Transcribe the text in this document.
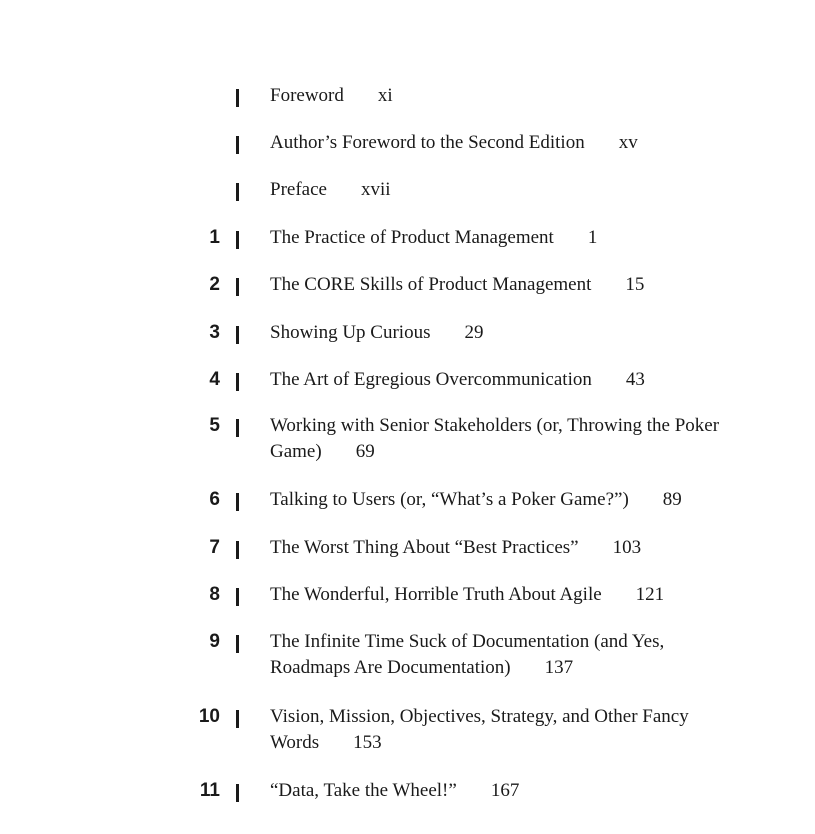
Foreword xi
Author’s Foreword to the Second Edition xv
Preface xvii
1	The Practice of Product Management 1
2	The CORE Skills of Product Management 15
3	Showing Up Curious 29
4	The Art of Egregious Overcommunication 43
5	Working with Senior Stakeholders (or, Throwing the Poker Game) 69
6	Talking to Users (or, “What’s a Poker Game?”) 89
7	The Worst Thing About “Best Practices” 103
8	The Wonderful, Horrible Truth About Agile 121
9	The Infinite Time Suck of Documentation (and Yes, Roadmaps Are Documentation) 137
10	Vision, Mission, Objectives, Strategy, and Other Fancy Words 153
11	“Data, Take the Wheel!” 167
